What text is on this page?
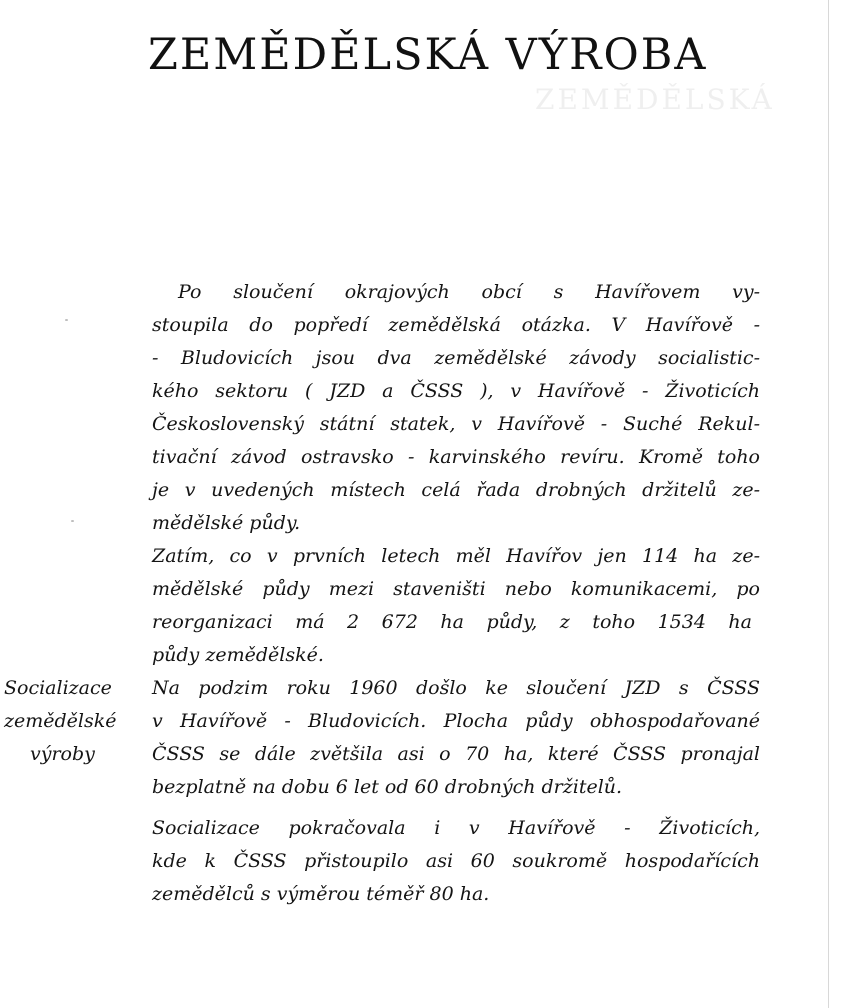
ZEMĚDĚLSKÁ VÝROBA
ZEMĚDĚLSKÁ
Po sloučení okrajových obcí s Havířovem vy-
stoupila do popředí zemědělská otázka. V Havířově -
- Bludovicích jsou dva zemědělské závody socialistic-
kého sektoru ( JZD a ČSSS ), v Havířově - Životicích
Československý státní statek, v Havířově - Suché Rekul-
tivační závod ostravsko - karvinského revíru. Kromě toho
je v uvedených místech celá řada drobných držitelů ze-
mědělské půdy.
Zatím, co v prvních letech měl Havířov jen 114 ha ze-
mědělské půdy mezi staveništi nebo komunikacemi, po
reorganizaci má 2 672 ha půdy, z toho 1534 ha
půdy zemědělské.
Socializace
zemědělské
výroby
Na podzim roku 1960 došlo ke sloučení JZD s ČSSS
v Havířově - Bludovicích. Plocha půdy obhospodařované
ČSSS se dále zvětšila asi o 70 ha, které ČSSS pronajal
bezplatně na dobu 6 let od 60 drobných držitelů.
Socializace pokračovala i v Havířově - Životicích,
kde k ČSSS přistoupilo asi 60 soukromě hospodařících
zemědělců s výměrou téměř 80 ha.
